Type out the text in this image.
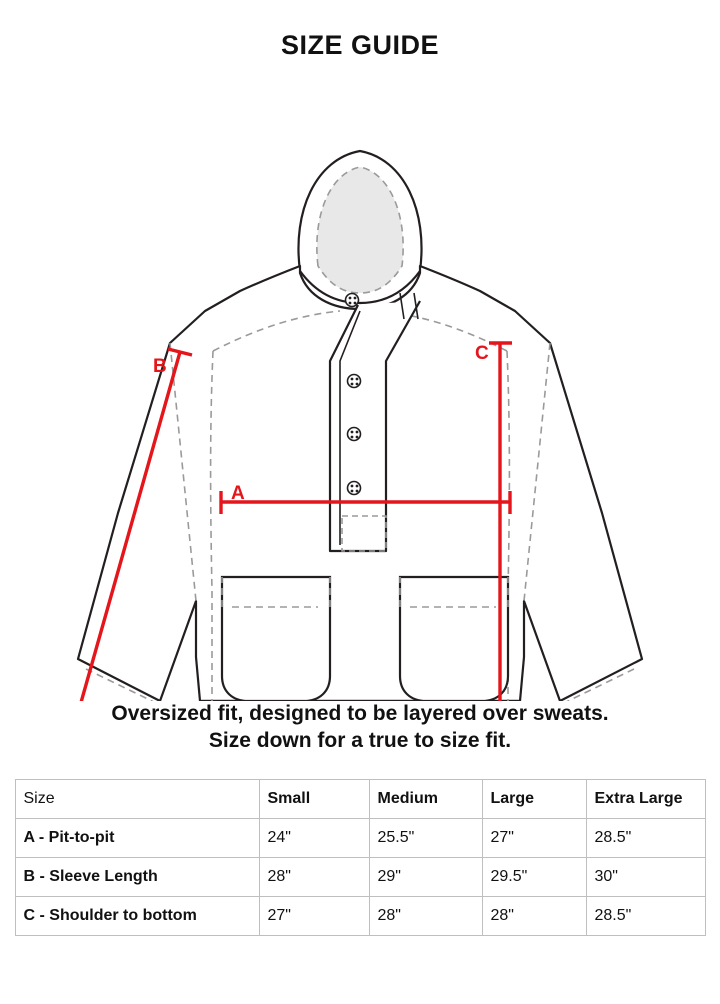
SIZE GUIDE
A
B
C

Oversized fit, designed to be layered over sweats.
Size down for a true to size fit.

Size	Small	Medium	Large	Extra Large
A - Pit-to-pit	24"	25.5"	27"	28.5"
B - Sleeve Length	28"	29"	29.5"	30"
C - Shoulder to bottom	27"	28"	28"	28.5"
